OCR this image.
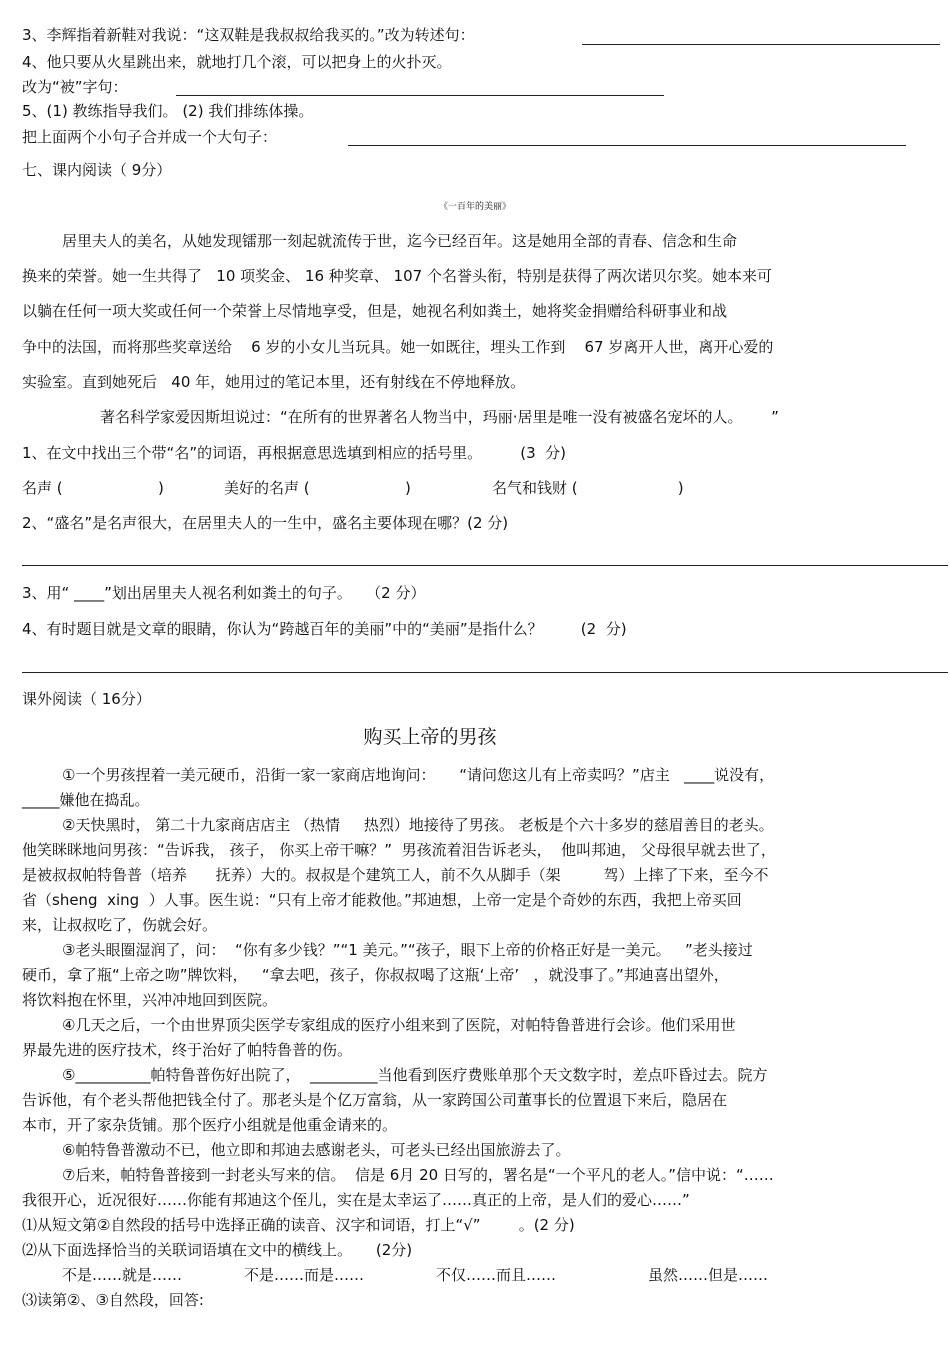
3、李辉指着新鞋对我说：“这双鞋是我叔叔给我买的。”改为转述句：
4、他只要从火星跳出来，就地打几个滚，可以把身上的火扑灭。
改为“被”字句：
5、(1) 教练指导我们。 (2) 我们排练体操。
把上面两个小句子合并成一个大句子：
七、课内阅读（ 9分）
《一百年的美丽》
居里夫人的美名，从她发现镭那一刻起就流传于世，迄今已经百年。这是她用全部的青春、信念和生命
换来的荣誉。她一生共得了   10 项奖金、 16 种奖章、 107 个名誉头衔，特别是获得了两次诺贝尔奖。她本来可
以躺在任何一项大奖或任何一个荣誉上尽情地享受，但是，她视名利如粪土，她将奖金捐赠给科研事业和战
争中的法国，而将那些奖章送给    6 岁的小女儿当玩具。她一如既往，埋头工作到    67 岁离开人世，离开心爱的
实验室。直到她死后   40 年，她用过的笔记本里，还有射线在不停地释放。
著名科学家爱因斯坦说过：“在所有的世界著名人物当中，玛丽·居里是唯一没有被盛名宠坏的人。      ”
1、在文中找出三个带“名”的词语，再根据意思选填到相应的括号里。        (3  分)
名声 (                    )	美好的名声 (                    )	名气和钱财 (                     )
2、“盛名”是名声很大，在居里夫人的一生中，盛名主要体现在哪？(2 分)
3、用“ ____”划出居里夫人视名利如粪土的句子。   （2 分）
4、有时题目就是文章的眼睛，你认为“跨越百年的美丽”中的“美丽”是指什么？        (2  分)
课外阅读（ 16分）
购买上帝的男孩
①一个男孩捏着一美元硬币，沿街一家一家商店地询问：     “请问您这儿有上帝卖吗？”店主   ____说没有，
_____嫌他在捣乱。
②天快黑时， 第二十九家商店店主 （热情     热烈）地接待了男孩。 老板是个六十多岁的慈眉善目的老头。
他笑眯眯地问男孩：“告诉我， 孩子， 你买上帝干嘛？”  男孩流着泪告诉老头，  他叫邦迪， 父母很早就去世了，
是被叔叔帕特鲁普（培养      抚养）大的。叔叔是个建筑工人，前不久从脚手（架         驾）上摔了下来，至今不
省（sheng  xing  ）人事。医生说：“只有上帝才能救他。”邦迪想，上帝一定是个奇妙的东西，我把上帝买回
来，让叔叔吃了，伤就会好。
③老头眼圈湿润了，问：  “你有多少钱？”“1 美元。”“孩子，眼下上帝的价格正好是一美元。   ”老头接过
硬币，拿了瓶“上帝之吻”牌饮料，   “拿去吧，孩子，你叔叔喝了这瓶‘上帝’   ，就没事了。”邦迪喜出望外，
将饮料抱在怀里，兴冲冲地回到医院。
④几天之后，一个由世界顶尖医学专家组成的医疗小组来到了医院，对帕特鲁普进行会诊。他们采用世
界最先进的医疗技术，终于治好了帕特鲁普的伤。
⑤__________帕特鲁普伤好出院了，  _________当他看到医疗费账单那个天文数字时，差点吓昏过去。院方
告诉他，有个老头帮他把钱全付了。那老头是个亿万富翁，从一家跨国公司董事长的位置退下来后，隐居在
本市，开了家杂货铺。那个医疗小组就是他重金请来的。
⑥帕特鲁普激动不已，他立即和邦迪去感谢老头，可老头已经出国旅游去了。
⑦后来，帕特鲁普接到一封老头写来的信。  信是 6月 20 日写的，署名是“一个平凡的老人。”信中说：“……
我很开心，近况很好……你能有邦迪这个侄儿，实在是太幸运了……真正的上帝，是人们的爱心……”
⑴从短文第②自然段的括号中选择正确的读音、汉字和词语，打上“√”        。(2 分)
⑵从下面选择恰当的关联词语填在文中的横线上。     (2分)
不是……就是……	不是……而是……	不仅……而且……	虽然……但是……
⑶读第②、③自然段，回答:
